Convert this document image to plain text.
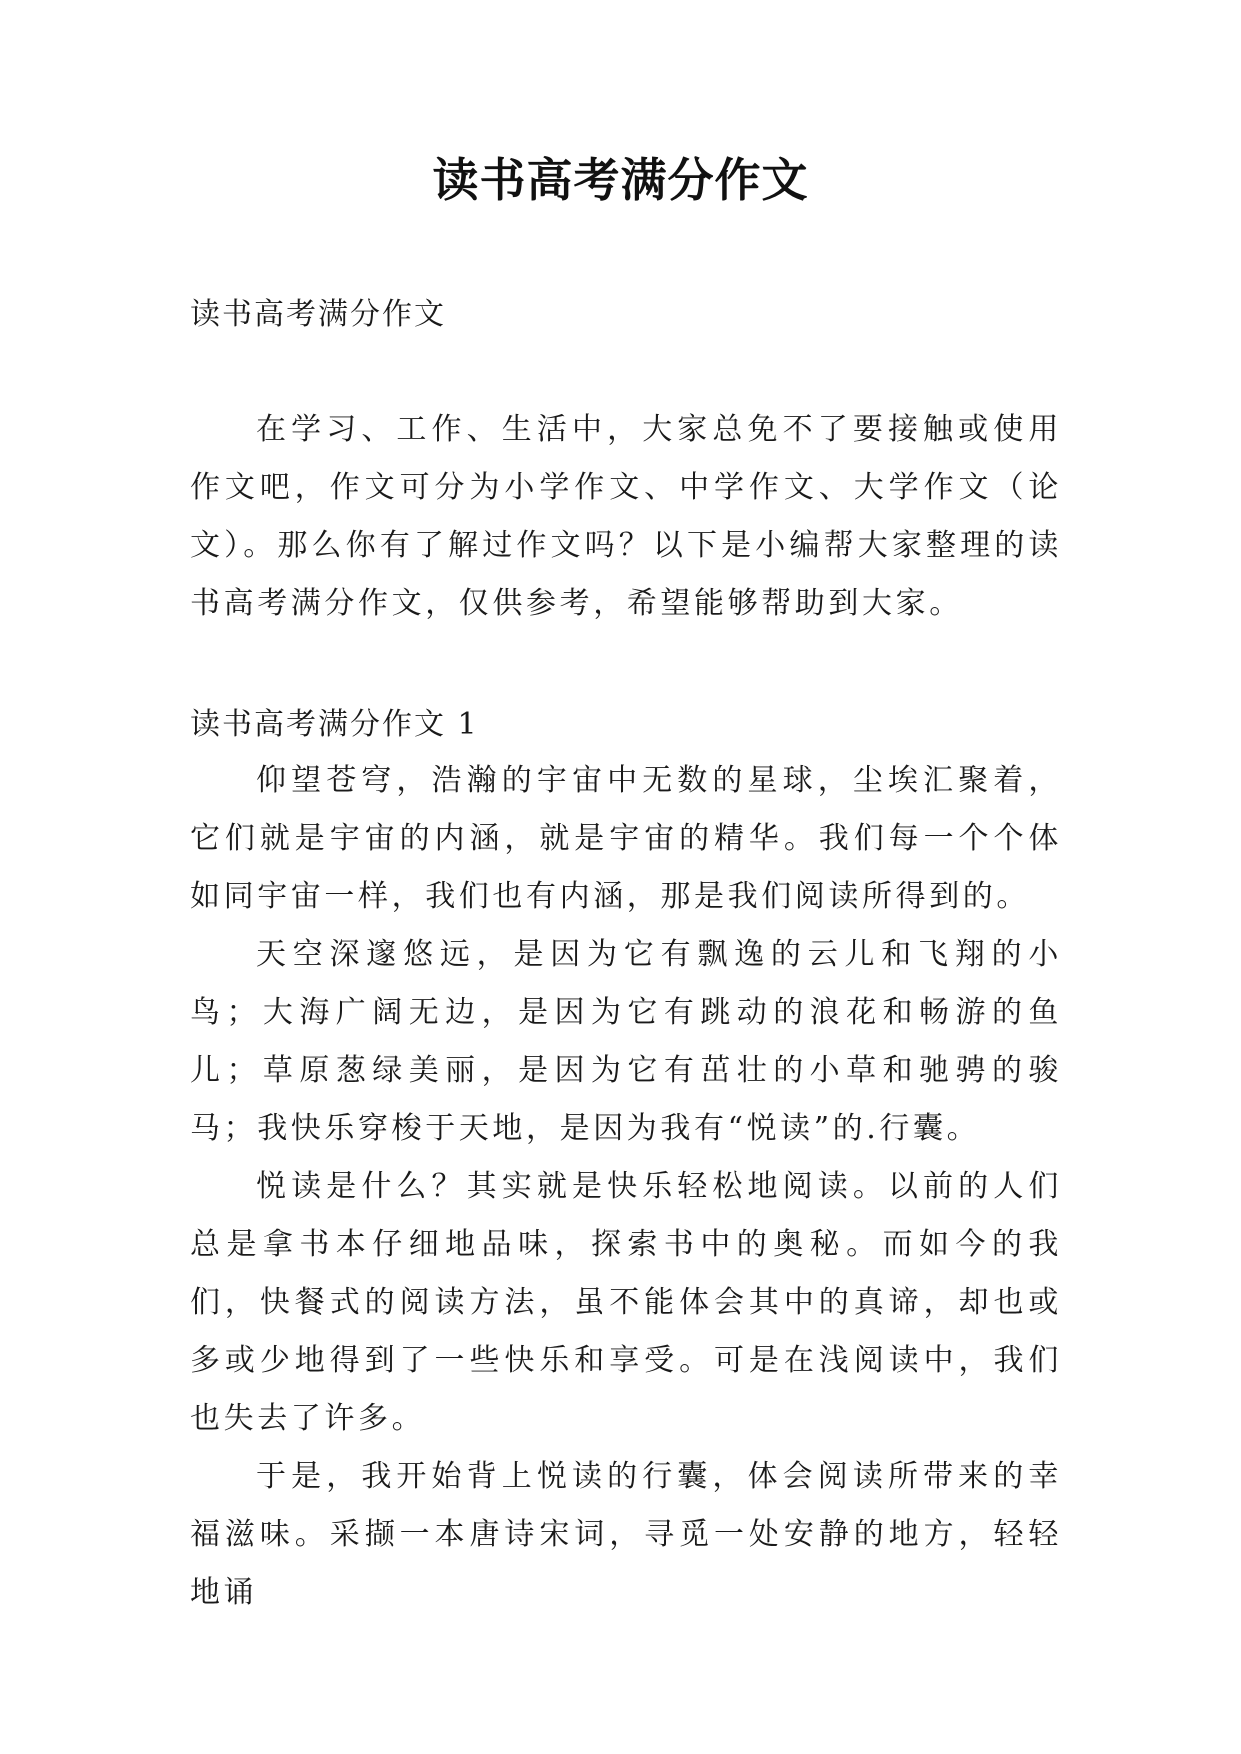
读书高考满分作文
读书高考满分作文

在学习、工作、生活中，大家总免不了要接触或使用作文吧，作文可分为小学作文、中学作文、大学作文（论文）。那么你有了解过作文吗？以下是小编帮大家整理的读书高考满分作文，仅供参考，希望能够帮助到大家。

读书高考满分作文 1

仰望苍穹，浩瀚的宇宙中无数的星球，尘埃汇聚着，它们就是宇宙的内涵，就是宇宙的精华。我们每一个个体如同宇宙一样，我们也有内涵，那是我们阅读所得到的。

天空深邃悠远，是因为它有飘逸的云儿和飞翔的小鸟；大海广阔无边，是因为它有跳动的浪花和畅游的鱼儿；草原葱绿美丽，是因为它有茁壮的小草和驰骋的骏马；我快乐穿梭于天地，是因为我有“悦读”的.行囊。

悦读是什么？其实就是快乐轻松地阅读。以前的人们总是拿书本仔细地品味，探索书中的奥秘。而如今的我们，快餐式的阅读方法，虽不能体会其中的真谛，却也或多或少地得到了一些快乐和享受。可是在浅阅读中，我们也失去了许多。

于是，我开始背上悦读的行囊，体会阅读所带来的幸福滋味。采撷一本唐诗宋词，寻觅一处安静的地方，轻轻地诵
